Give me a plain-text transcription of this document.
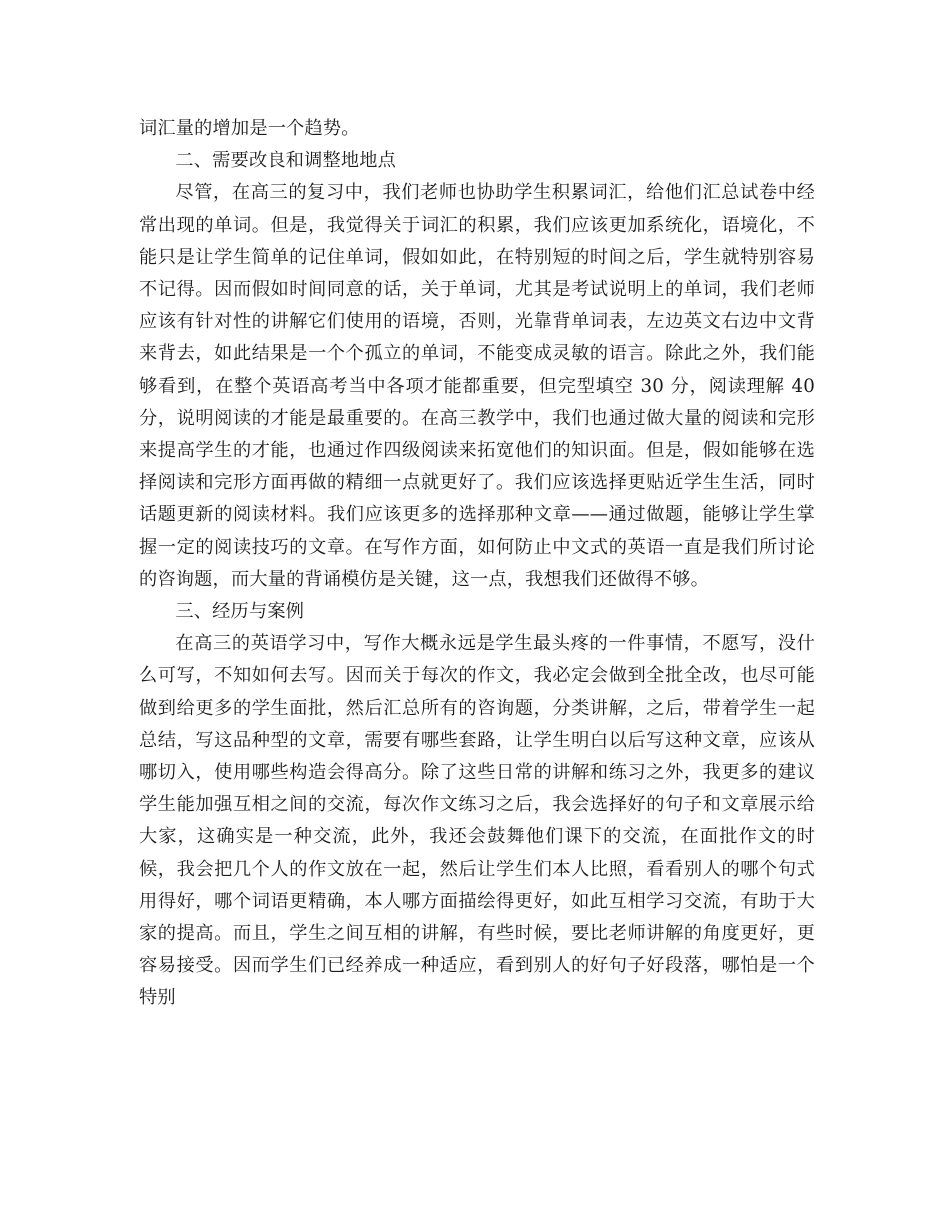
词汇量的增加是一个趋势。

二、需要改良和调整地地点

尽管，在高三的复习中，我们老师也协助学生积累词汇，给他们汇总试卷中经常出现的单词。但是，我觉得关于词汇的积累，我们应该更加系统化，语境化，不能只是让学生简单的记住单词，假如如此，在特别短的时间之后，学生就特别容易不记得。因而假如时间同意的话，关于单词，尤其是考试说明上的单词，我们老师应该有针对性的讲解它们使用的语境，否则，光靠背单词表，左边英文右边中文背来背去，如此结果是一个个孤立的单词，不能变成灵敏的语言。除此之外，我们能够看到，在整个英语高考当中各项才能都重要，但完型填空 30 分，阅读理解 40 分，说明阅读的才能是最重要的。在高三教学中，我们也通过做大量的阅读和完形来提高学生的才能，也通过作四级阅读来拓宽他们的知识面。但是，假如能够在选择阅读和完形方面再做的精细一点就更好了。我们应该选择更贴近学生生活，同时话题更新的阅读材料。我们应该更多的选择那种文章——通过做题，能够让学生掌握一定的阅读技巧的文章。在写作方面，如何防止中文式的英语一直是我们所讨论的咨询题，而大量的背诵模仿是关键，这一点，我想我们还做得不够。

三、经历与案例

在高三的英语学习中，写作大概永远是学生最头疼的一件事情，不愿写，没什么可写，不知如何去写。因而关于每次的作文，我必定会做到全批全改，也尽可能做到给更多的学生面批，然后汇总所有的咨询题，分类讲解，之后，带着学生一起总结，写这品种型的文章，需要有哪些套路，让学生明白以后写这种文章，应该从哪切入，使用哪些构造会得高分。除了这些日常的讲解和练习之外，我更多的建议学生能加强互相之间的交流，每次作文练习之后，我会选择好的句子和文章展示给大家，这确实是一种交流，此外，我还会鼓舞他们课下的交流，在面批作文的时候，我会把几个人的作文放在一起，然后让学生们本人比照，看看别人的哪个句式用得好，哪个词语更精确，本人哪方面描绘得更好，如此互相学习交流，有助于大家的提高。而且，学生之间互相的讲解，有些时候，要比老师讲解的角度更好，更容易接受。因而学生们已经养成一种适应，看到别人的好句子好段落，哪怕是一个特别
